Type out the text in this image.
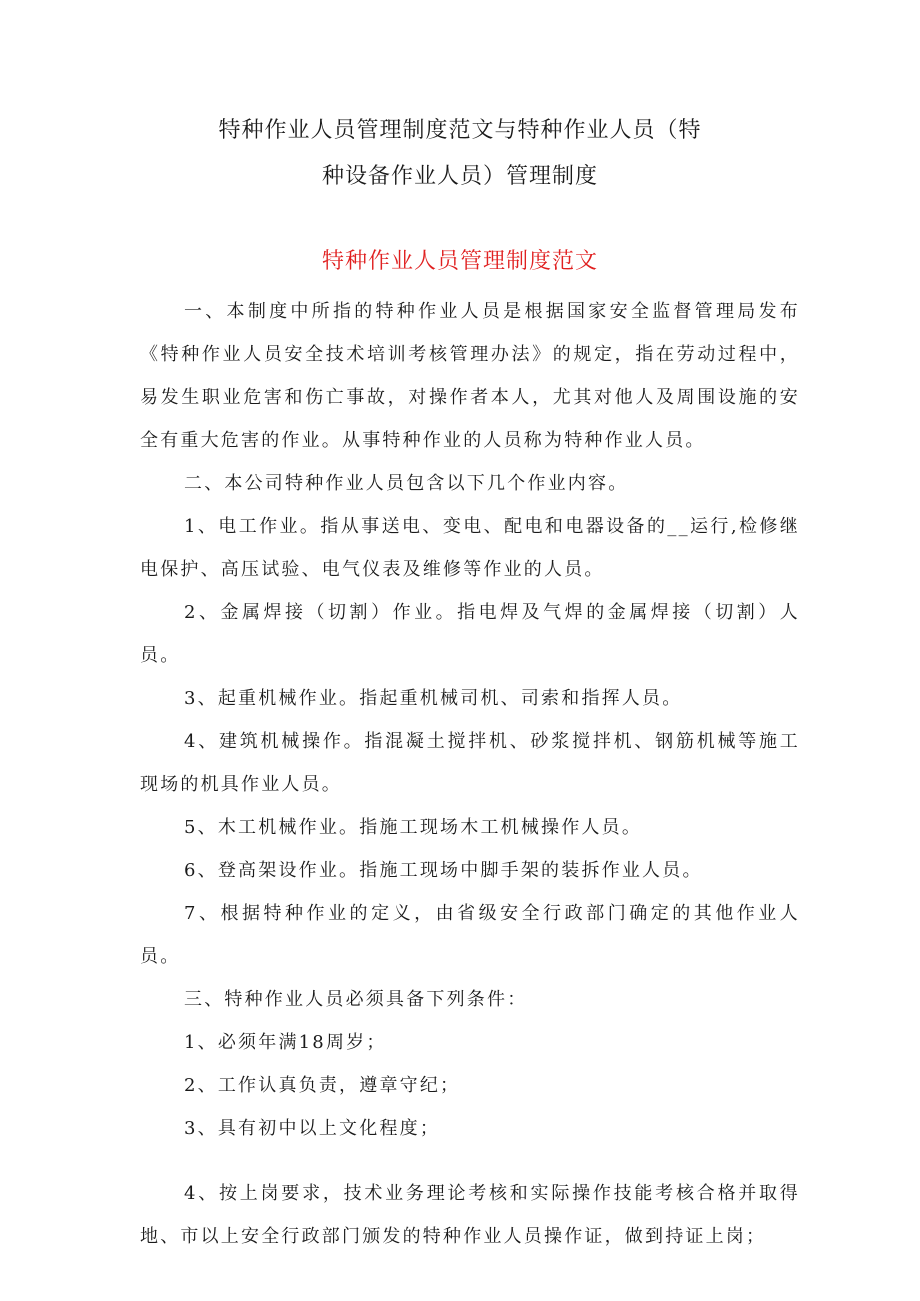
特种作业人员管理制度范文与特种作业人员（特
种设备作业人员）管理制度
特种作业人员管理制度范文

一、本制度中所指的特种作业人员是根据国家安全监督管理局发布《特种作业人员安全技术培训考核管理办法》的规定，指在劳动过程中，易发生职业危害和伤亡事故，对操作者本人，尤其对他人及周围设施的安全有重大危害的作业。从事特种作业的人员称为特种作业人员。

二、本公司特种作业人员包含以下几个作业内容。

1、电工作业。指从事送电、变电、配电和电器设备的__运行,检修继电保护、高压试验、电气仪表及维修等作业的人员。

2、金属焊接（切割）作业。指电焊及气焊的金属焊接（切割）人员。

3、起重机械作业。指起重机械司机、司索和指挥人员。

4、建筑机械操作。指混凝土搅拌机、砂浆搅拌机、钢筋机械等施工现场的机具作业人员。

5、木工机械作业。指施工现场木工机械操作人员。

6、登高架设作业。指施工现场中脚手架的装拆作业人员。

7、根据特种作业的定义，由省级安全行政部门确定的其他作业人员。

三、特种作业人员必须具备下列条件：

1、必须年满18周岁；

2、工作认真负责，遵章守纪；

3、具有初中以上文化程度；

4、按上岗要求，技术业务理论考核和实际操作技能考核合格并取得地、市以上安全行政部门颁发的特种作业人员操作证，做到持证上岗；
